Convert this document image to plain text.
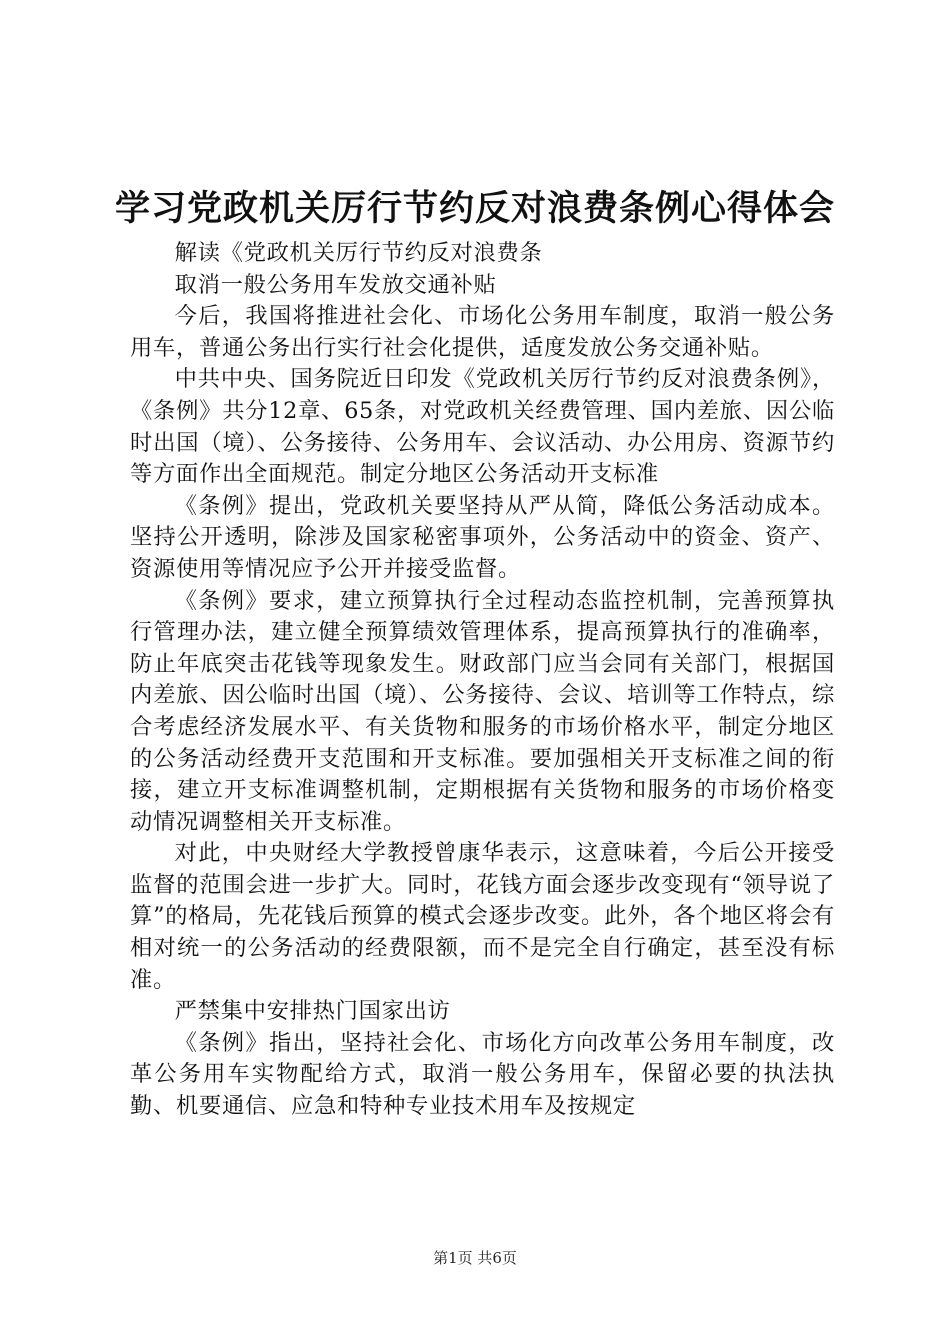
学习党政机关厉行节约反对浪费条例心得体会

解读《党政机关厉行节约反对浪费条

取消一般公务用车发放交通补贴

今后，我国将推进社会化、市场化公务用车制度，取消一般公务用车，普通公务出行实行社会化提供，适度发放公务交通补贴。

中共中央、国务院近日印发《党政机关厉行节约反对浪费条例》，《条例》共分12章、65条，对党政机关经费管理、国内差旅、因公临时出国（境）、公务接待、公务用车、会议活动、办公用房、资源节约等方面作出全面规范。制定分地区公务活动开支标准

《条例》提出，党政机关要坚持从严从简，降低公务活动成本。坚持公开透明，除涉及国家秘密事项外，公务活动中的资金、资产、资源使用等情况应予公开并接受监督。

《条例》要求，建立预算执行全过程动态监控机制，完善预算执行管理办法，建立健全预算绩效管理体系，提高预算执行的准确率，防止年底突击花钱等现象发生。财政部门应当会同有关部门，根据国内差旅、因公临时出国（境）、公务接待、会议、培训等工作特点，综合考虑经济发展水平、有关货物和服务的市场价格水平，制定分地区的公务活动经费开支范围和开支标准。要加强相关开支标准之间的衔接，建立开支标准调整机制，定期根据有关货物和服务的市场价格变动情况调整相关开支标准。

对此，中央财经大学教授曾康华表示，这意味着，今后公开接受监督的范围会进一步扩大。同时，花钱方面会逐步改变现有“领导说了算”的格局，先花钱后预算的模式会逐步改变。此外，各个地区将会有相对统一的公务活动的经费限额，而不是完全自行确定，甚至没有标准。

严禁集中安排热门国家出访

《条例》指出，坚持社会化、市场化方向改革公务用车制度，改革公务用车实物配给方式，取消一般公务用车，保留必要的执法执勤、机要通信、应急和特种专业技术用车及按规定

第1页 共6页
